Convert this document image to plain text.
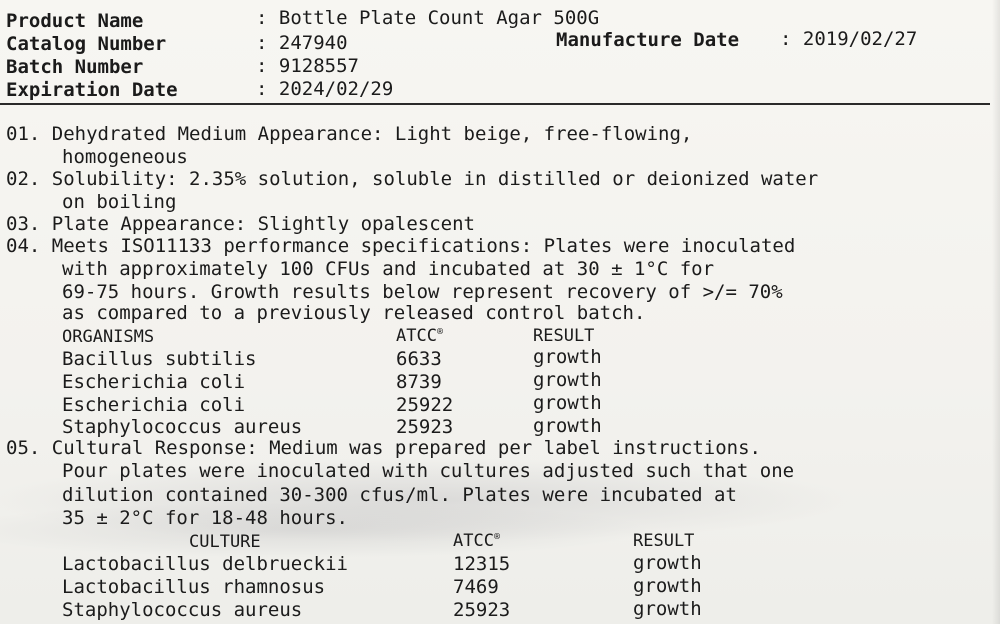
Product Name	: Bottle Plate Count Agar 500G
Catalog Number	: 247940	Manufacture Date : 2019/02/27
Batch Number	: 9128557
Expiration Date	: 2024/02/29
01. Dehydrated Medium Appearance: Light beige, free-flowing,
homogeneous
02. Solubility: 2.35% solution, soluble in distilled or deionized water
on boiling
03. Plate Appearance: Slightly opalescent
04. Meets ISO11133 performance specifications: Plates were inoculated
with approximately 100 CFUs and incubated at 30 ± 1°C for
69-75 hours. Growth results below represent recovery of >/= 70%
as compared to a previously released control batch.
ORGANISMS	ATCC®	RESULT
Bacillus subtilis	6633	growth
Escherichia coli	8739	growth
Escherichia coli	25922	growth
Staphylococcus aureus	25923	growth
05. Cultural Response: Medium was prepared per label instructions.
Pour plates were inoculated with cultures adjusted such that one
dilution contained 30-300 cfus/ml. Plates were incubated at
35 ± 2°C for 18-48 hours.
CULTURE	ATCC®	RESULT
Lactobacillus delbrueckii	12315	growth
Lactobacillus rhamnosus	7469	growth
Staphylococcus aureus	25923	growth
